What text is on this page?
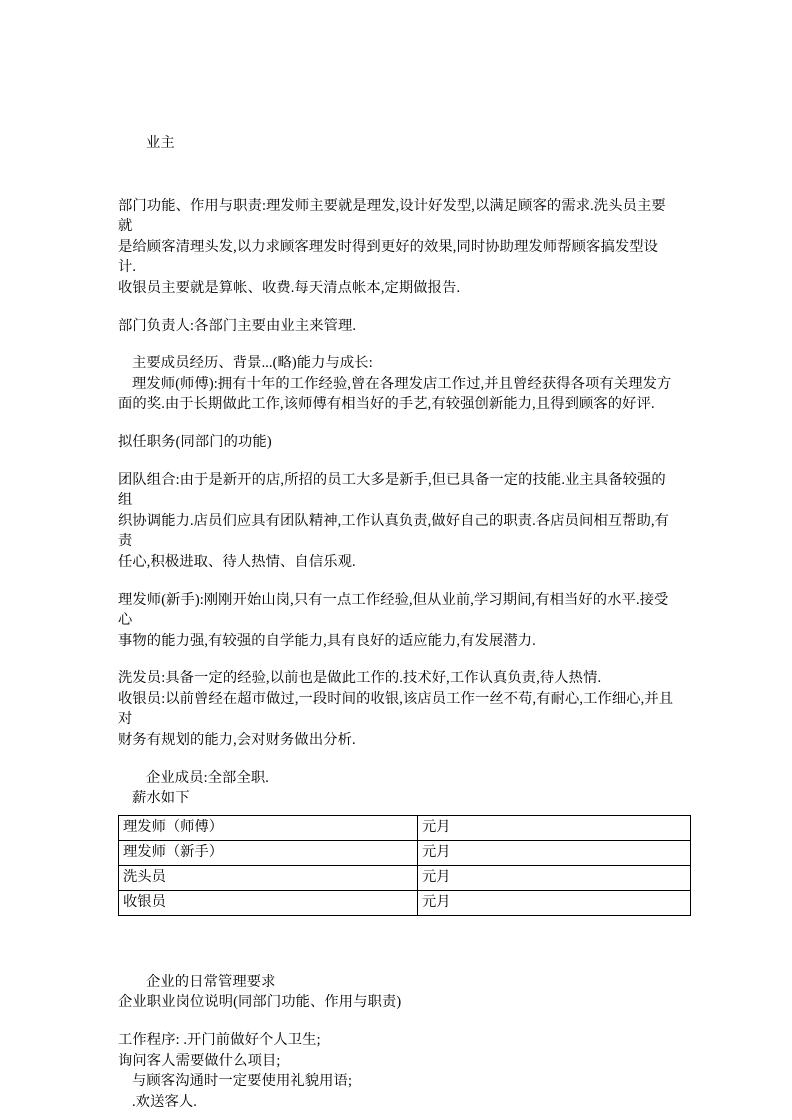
业主
部门功能、作用与职责:理发师主要就是理发,设计好发型,以满足顾客的需求.洗头员主要就
是给顾客清理头发,以力求顾客理发时得到更好的效果,同时协助理发师帮顾客搞发型设计.
收银员主要就是算帐、收费.每天清点帐本,定期做报告.
部门负责人:各部门主要由业主来管理.
主要成员经历、背景...(略)能力与成长:
理发师(师傅):拥有十年的工作经验,曾在各理发店工作过,并且曾经获得各项有关理发方
面的奖.由于长期做此工作,该师傅有相当好的手艺,有较强创新能力,且得到顾客的好评.
拟任职务(同部门的功能)
团队组合:由于是新开的店,所招的员工大多是新手,但已具备一定的技能.业主具备较强的组
织协调能力.店员们应具有团队精神,工作认真负责,做好自己的职责.各店员间相互帮助,有责
任心,积极进取、待人热情、自信乐观.
理发师(新手):刚刚开始山岗,只有一点工作经验,但从业前,学习期间,有相当好的水平.接受心
事物的能力强,有较强的自学能力,具有良好的适应能力,有发展潜力.
洗发员:具备一定的经验,以前也是做此工作的.技术好,工作认真负责,待人热情.
收银员:以前曾经在超市做过,一段时间的收银,该店员工作一丝不苟,有耐心,工作细心,并且对
财务有规划的能力,会对财务做出分析.
企业成员:全部全职.
薪水如下
理发师（师傅）	元月
理发师（新手）	元月
洗头员	元月
收银员	元月
企业的日常管理要求
企业职业岗位说明(同部门功能、作用与职责)
工作程序: .开门前做好个人卫生;
询问客人需要做什么项目;
与顾客沟通时一定要使用礼貌用语;
.欢送客人.
